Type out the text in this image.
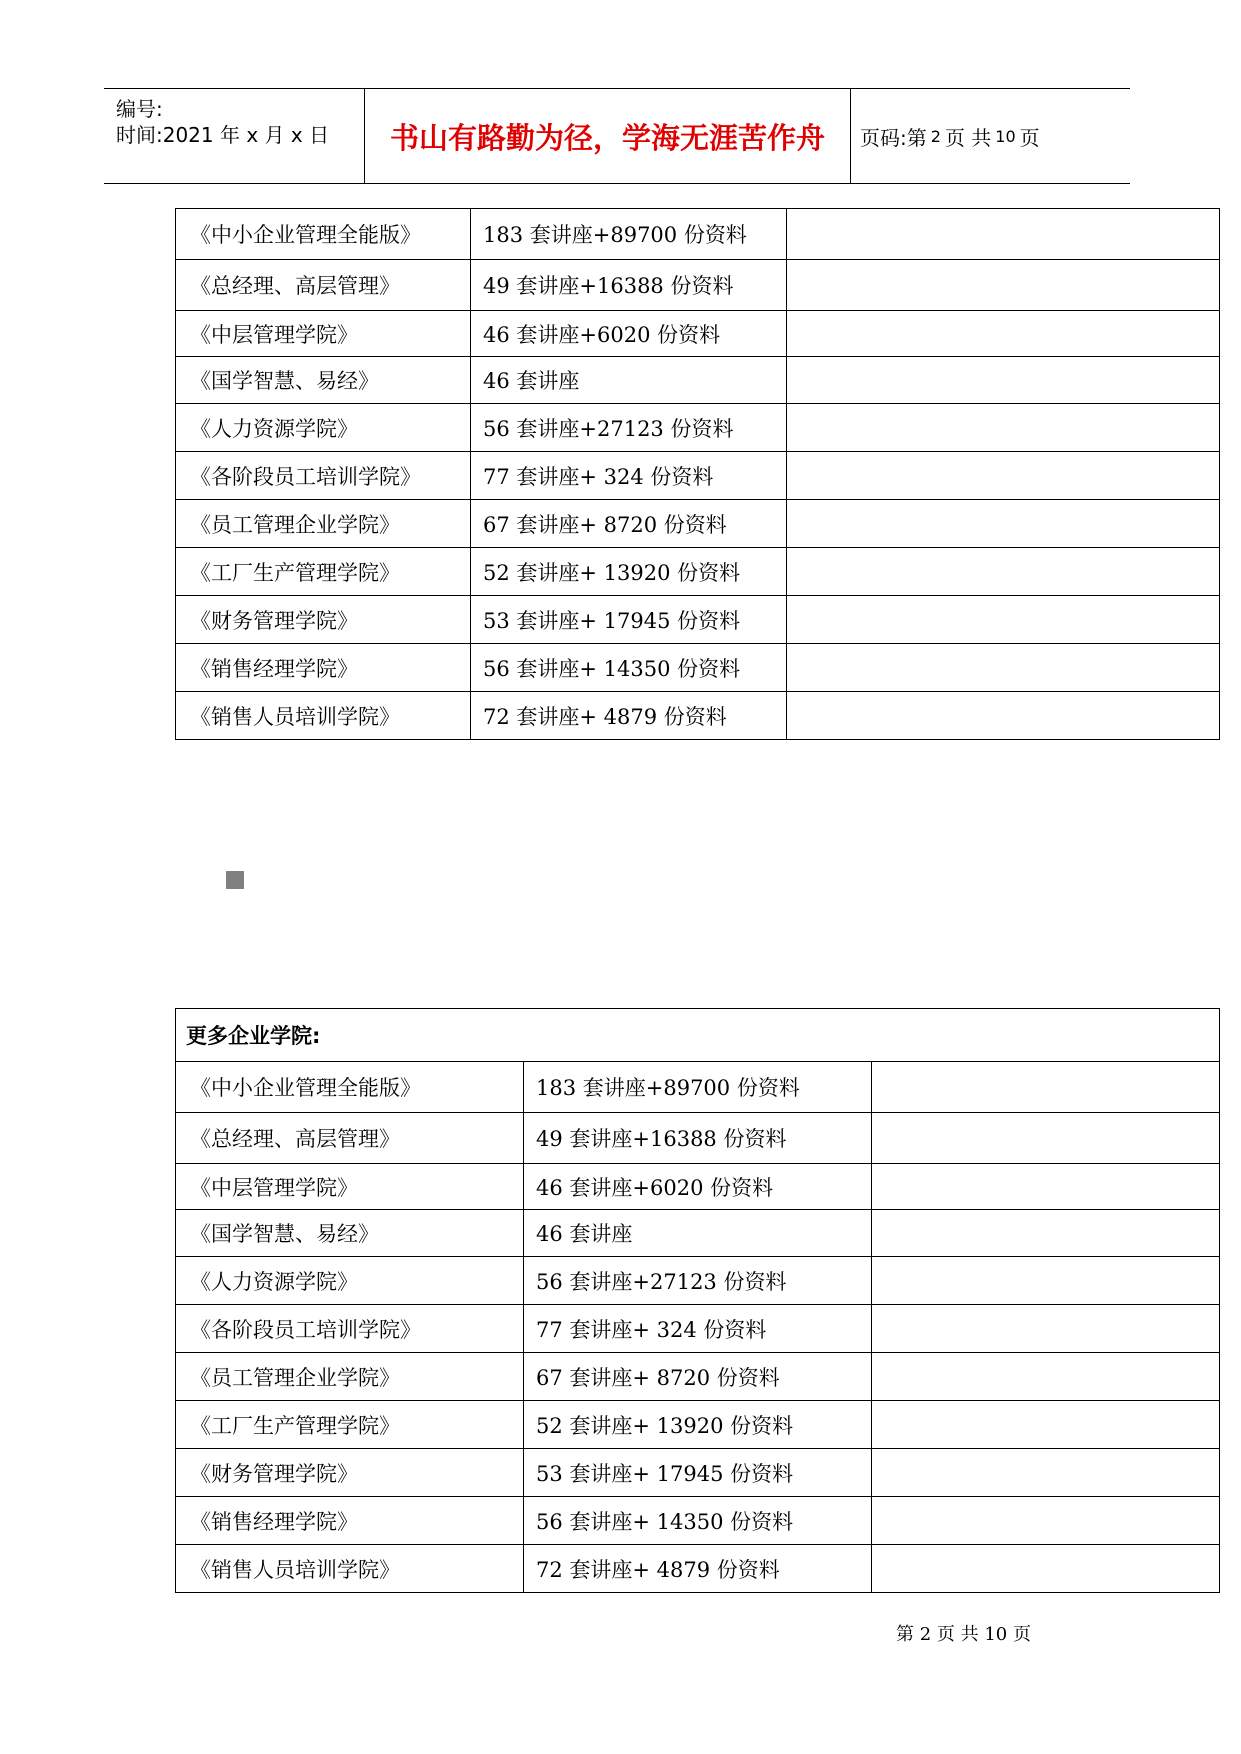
编号:
时间:2021 年 x 月 x 日	书山有路勤为径，学海无涯苦作舟	页码:第 2 页 共 10 页
《中小企业管理全能版》	183 套讲座+89700 份资料	
《总经理、高层管理》	49 套讲座+16388 份资料	
《中层管理学院》	46 套讲座+6020 份资料	
《国学智慧、易经》	46 套讲座	
《人力资源学院》	56 套讲座+27123 份资料	
《各阶段员工培训学院》	77 套讲座+ 324 份资料	
《员工管理企业学院》	67 套讲座+ 8720 份资料	
《工厂生产管理学院》	52 套讲座+ 13920 份资料	
《财务管理学院》	53 套讲座+ 17945 份资料	
《销售经理学院》	56 套讲座+ 14350 份资料	
《销售人员培训学院》	72 套讲座+ 4879 份资料	
更多企业学院:		
《中小企业管理全能版》	183 套讲座+89700 份资料	
《总经理、高层管理》	49 套讲座+16388 份资料	
《中层管理学院》	46 套讲座+6020 份资料	
《国学智慧、易经》	46 套讲座	
《人力资源学院》	56 套讲座+27123 份资料	
《各阶段员工培训学院》	77 套讲座+ 324 份资料	
《员工管理企业学院》	67 套讲座+ 8720 份资料	
《工厂生产管理学院》	52 套讲座+ 13920 份资料	
《财务管理学院》	53 套讲座+ 17945 份资料	
《销售经理学院》	56 套讲座+ 14350 份资料	
《销售人员培训学院》	72 套讲座+ 4879 份资料	
第 2 页 共 10 页
